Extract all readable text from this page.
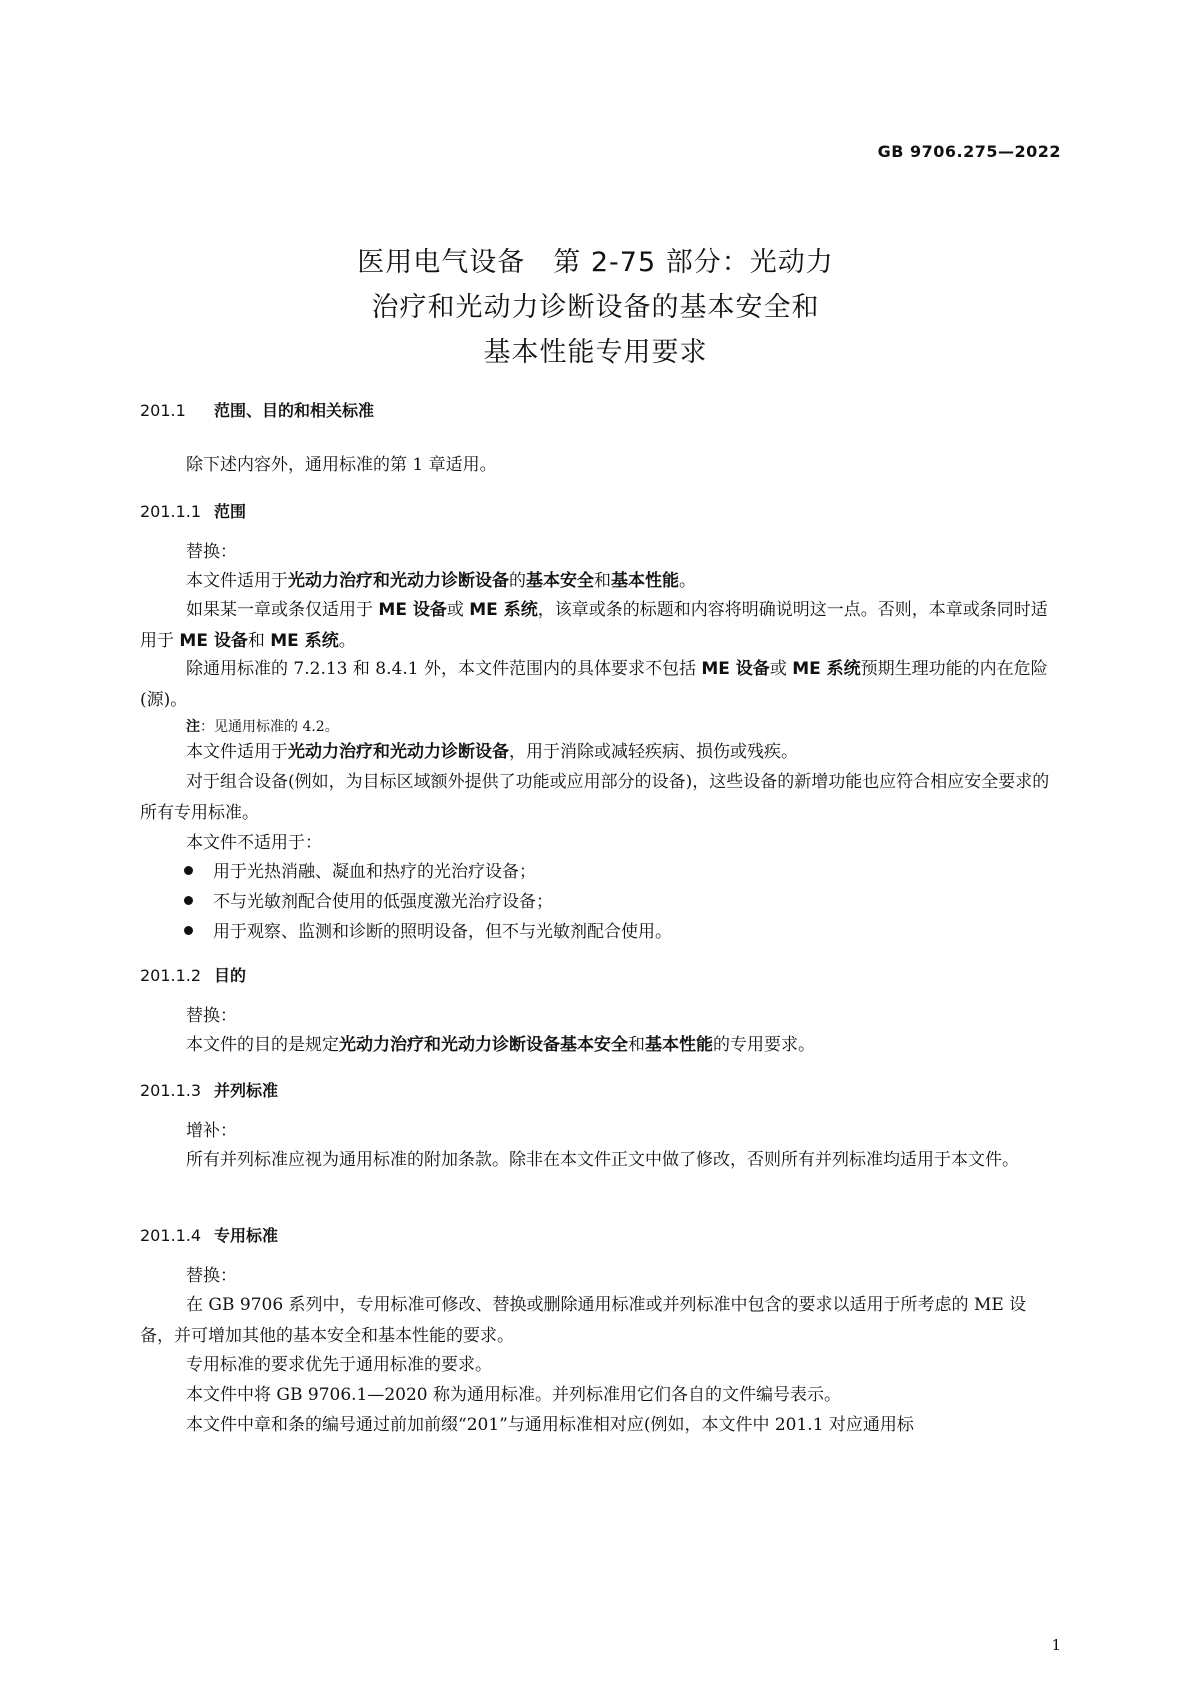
GB 9706.275—2022
医用电气设备　第 2-75 部分：光动力
治疗和光动力诊断设备的基本安全和
基本性能专用要求
201.1 范围、目的和相关标准
除下述内容外，通用标准的第 1 章适用。
201.1.1 范围
替换：
本文件适用于光动力治疗和光动力诊断设备的基本安全和基本性能。
如果某一章或条仅适用于 ME 设备或 ME 系统，该章或条的标题和内容将明确说明这一点。否则，本章或条同时适用于 ME 设备和 ME 系统。
除通用标准的 7.2.13 和 8.4.1 外，本文件范围内的具体要求不包括 ME 设备或 ME 系统预期生理功能的内在危险(源)。
注：见通用标准的 4.2。
本文件适用于光动力治疗和光动力诊断设备，用于消除或减轻疾病、损伤或残疾。
对于组合设备(例如，为目标区域额外提供了功能或应用部分的设备)，这些设备的新增功能也应符合相应安全要求的所有专用标准。
本文件不适用于：
用于光热消融、凝血和热疗的光治疗设备；
不与光敏剂配合使用的低强度激光治疗设备；
用于观察、监测和诊断的照明设备，但不与光敏剂配合使用。
201.1.2 目的
替换：
本文件的目的是规定光动力治疗和光动力诊断设备基本安全和基本性能的专用要求。
201.1.3 并列标准
增补：
所有并列标准应视为通用标准的附加条款。除非在本文件正文中做了修改，否则所有并列标准均适用于本文件。
201.1.4 专用标准
替换：
在 GB 9706 系列中，专用标准可修改、替换或删除通用标准或并列标准中包含的要求以适用于所考虑的 ME 设备，并可增加其他的基本安全和基本性能的要求。
专用标准的要求优先于通用标准的要求。
本文件中将 GB 9706.1—2020 称为通用标准。并列标准用它们各自的文件编号表示。
本文件中章和条的编号通过前加前缀“201”与通用标准相对应(例如，本文件中 201.1 对应通用标
1
